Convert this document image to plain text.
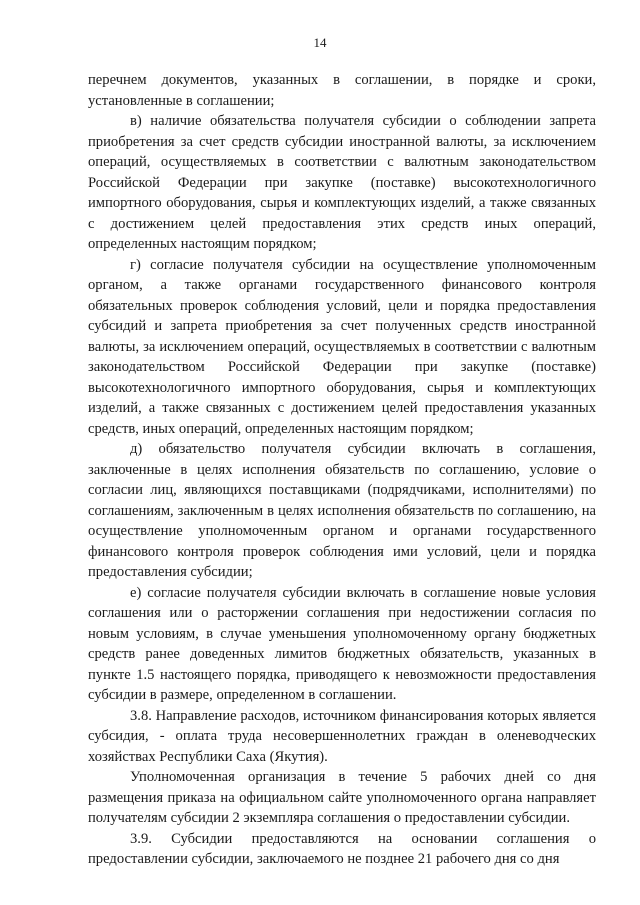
14

перечнем документов, указанных в соглашении, в порядке и сроки, установленные в соглашении;

в) наличие обязательства получателя субсидии о соблюдении запрета приобретения за счет средств субсидии иностранной валюты, за исключением операций, осуществляемых в соответствии с валютным законодательством Российской Федерации при закупке (поставке) высокотехнологичного импортного оборудования, сырья и комплектующих изделий, а также связанных с достижением целей предоставления этих средств иных операций, определенных настоящим порядком;

г) согласие получателя субсидии на осуществление уполномоченным органом, а также органами государственного финансового контроля обязательных проверок соблюдения условий, цели и порядка предоставления субсидий и запрета приобретения за счет полученных средств иностранной валюты, за исключением операций, осуществляемых в соответствии с валютным законодательством Российской Федерации при закупке (поставке) высокотехнологичного импортного оборудования, сырья и комплектующих изделий, а также связанных с достижением целей предоставления указанных средств, иных операций, определенных настоящим порядком;

д) обязательство получателя субсидии включать в соглашения, заключенные в целях исполнения обязательств по соглашению, условие о согласии лиц, являющихся поставщиками (подрядчиками, исполнителями) по соглашениям, заключенным в целях исполнения обязательств по соглашению, на осуществление уполномоченным органом и органами государственного финансового контроля проверок соблюдения ими условий, цели и порядка предоставления субсидии;

е) согласие получателя субсидии включать в соглашение новые условия соглашения или о расторжении соглашения при недостижении согласия по новым условиям, в случае уменьшения уполномоченному органу бюджетных средств ранее доведенных лимитов бюджетных обязательств, указанных в пункте 1.5 настоящего порядка, приводящего к невозможности предоставления субсидии в размере, определенном в соглашении.

3.8. Направление расходов, источником финансирования которых является субсидия, - оплата труда несовершеннолетних граждан в оленеводческих хозяйствах Республики Саха (Якутия).

Уполномоченная организация в течение 5 рабочих дней со дня размещения приказа на официальном сайте уполномоченного органа направляет получателям субсидии 2 экземпляра соглашения о предоставлении субсидии.

3.9. Субсидии предоставляются на основании соглашения о предоставлении субсидии, заключаемого не позднее 21 рабочего дня со дня
